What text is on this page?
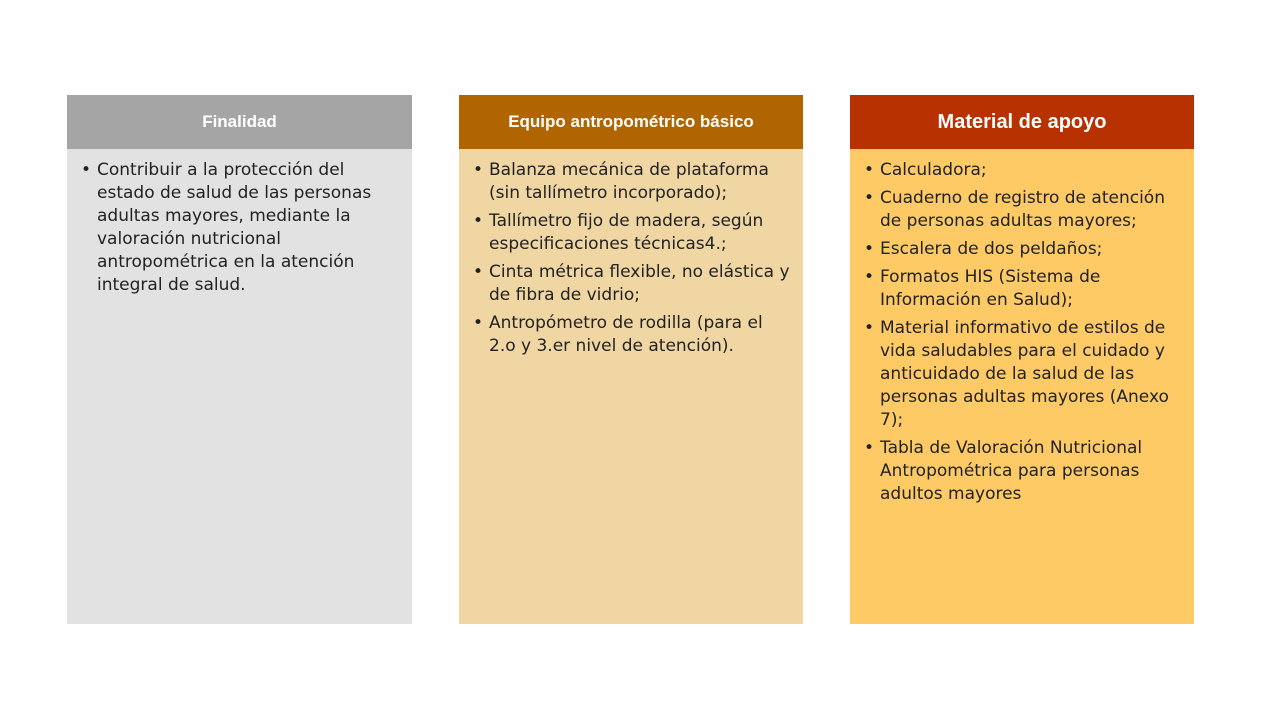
Finalidad
• Contribuir a la protección del estado de salud de las personas adultas mayores, mediante la valoración nutricional antropométrica en la atención integral de salud.
Equipo antropométrico básico
• Balanza mecánica de plataforma (sin tallímetro incorporado);
• Tallímetro fijo de madera, según especificaciones técnicas4.;
• Cinta métrica flexible, no elástica y de fibra de vidrio;
• Antropómetro de rodilla (para el 2.o y 3.er nivel de atención).
Material de apoyo
• Calculadora;
• Cuaderno de registro de atención de personas adultas mayores;
• Escalera de dos peldaños;
• Formatos HIS (Sistema de Información en Salud);
• Material informativo de estilos de vida saludables para el cuidado y anticuidado de la salud de las personas adultas mayores (Anexo 7);
• Tabla de Valoración Nutricional Antropométrica para personas adultos mayores
